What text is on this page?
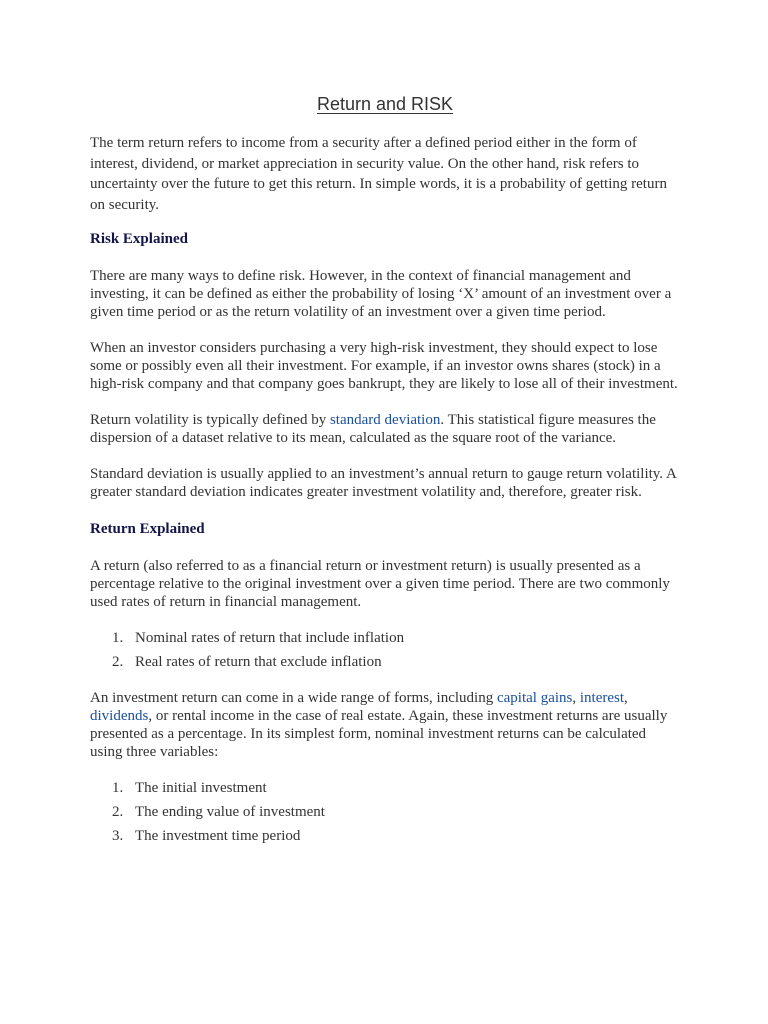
Return and RISK

The term return refers to income from a security after a defined period either in the form of interest, dividend, or market appreciation in security value. On the other hand, risk refers to uncertainty over the future to get this return. In simple words, it is a probability of getting return on security.

Risk Explained

There are many ways to define risk. However, in the context of financial management and investing, it can be defined as either the probability of losing ‘X’ amount of an investment over a given time period or as the return volatility of an investment over a given time period.

When an investor considers purchasing a very high-risk investment, they should expect to lose some or possibly even all their investment. For example, if an investor owns shares (stock) in a high-risk company and that company goes bankrupt, they are likely to lose all of their investment.

Return volatility is typically defined by standard deviation. This statistical figure measures the dispersion of a dataset relative to its mean, calculated as the square root of the variance.

Standard deviation is usually applied to an investment’s annual return to gauge return volatility. A greater standard deviation indicates greater investment volatility and, therefore, greater risk.

Return Explained

A return (also referred to as a financial return or investment return) is usually presented as a percentage relative to the original investment over a given time period. There are two commonly used rates of return in financial management.

1. Nominal rates of return that include inflation
2. Real rates of return that exclude inflation

An investment return can come in a wide range of forms, including capital gains, interest, dividends, or rental income in the case of real estate. Again, these investment returns are usually presented as a percentage. In its simplest form, nominal investment returns can be calculated using three variables:

1. The initial investment
2. The ending value of investment
3. The investment time period
